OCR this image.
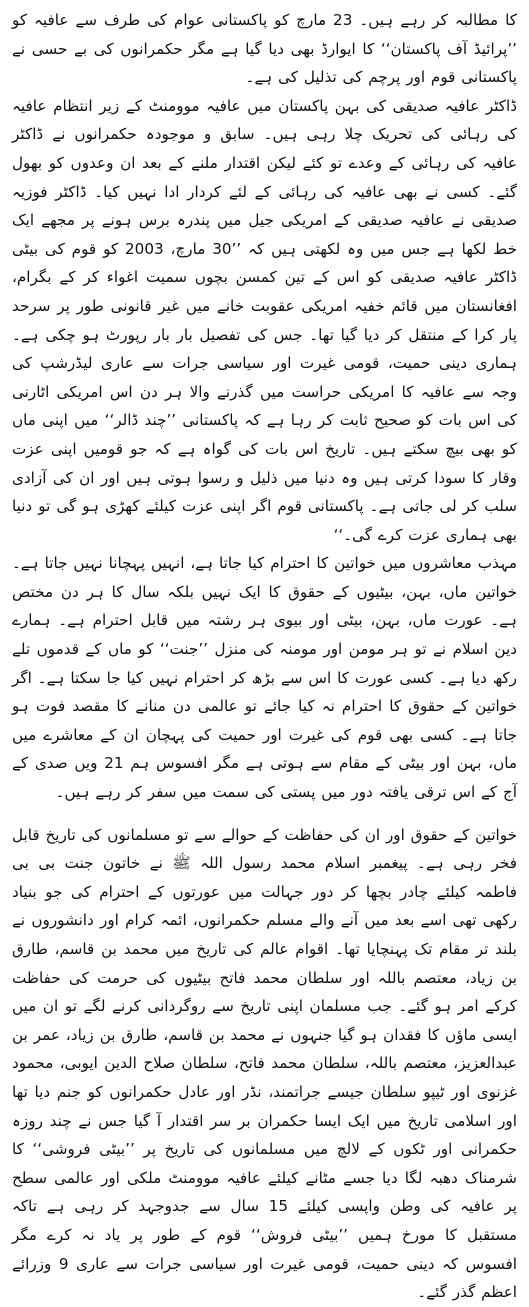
کا مطالبہ کر رہے ہیں۔ 23 مارچ کو پاکستانی عوام کی طرف سے عافیہ کو ’’پرائیڈ آف پاکستان‘‘ کا ایوارڈ بھی دیا گیا ہے مگر حکمرانوں کی بے حسی نے پاکستانی قوم اور پرچم کی تذلیل کی ہے۔

ڈاکٹر عافیہ صدیقی کی بہن پاکستان میں عافیہ موومنٹ کے زیر انتظام عافیہ کی رہائی کی تحریک چلا رہی ہیں۔ سابق و موجودہ حکمرانوں نے ڈاکٹر عافیہ کی رہائی کے وعدے تو کئے لیکن اقتدار ملنے کے بعد ان وعدوں کو بھول گئے۔ کسی نے بھی عافیہ کی رہائی کے لئے کردار ادا نہیں کیا۔ ڈاکٹر فوزیہ صدیقی نے عافیہ صدیقی کے امریکی جیل میں پندرہ برس ہونے پر مجھے ایک خط لکھا ہے جس میں وہ لکھتی ہیں کہ ’’30 مارچ، 2003 کو قوم کی بیٹی ڈاکٹر عافیہ صدیقی کو اس کے تین کمسن بچوں سمیت اغواء کر کے بگرام، افغانستان میں قائم خفیہ امریکی عقوبت خانے میں غیر قانونی طور پر سرحد پار کرا کے منتقل کر دیا گیا تھا۔ جس کی تفصیل بار بار رپورٹ ہو چکی ہے۔ ہماری دینی حمیت، قومی غیرت اور سیاسی جرات سے عاری لیڈرشپ کی وجہ سے عافیہ کا امریکی حراست میں گذرنے والا ہر دن اس امریکی اٹارنی کی اس بات کو صحیح ثابت کر رہا ہے کہ پاکستانی ’’چند ڈالر‘‘ میں اپنی ماں کو بھی بیچ سکتے ہیں۔ تاریخ اس بات کی گواہ ہے کہ جو قومیں اپنی عزت وقار کا سودا کرتی ہیں وہ دنیا میں ذلیل و رسوا ہوتی ہیں اور ان کی آزادی سلب کر لی جاتی ہے۔ پاکستانی قوم اگر اپنی عزت کیلئے کھڑی ہو گی تو دنیا بھی ہماری عزت کرے گی۔‘‘

مہذب معاشروں میں خواتین کا احترام کیا جاتا ہے، انہیں پہچانا نہیں جاتا ہے۔ خواتین ماں، بہن، بیٹیوں کے حقوق کا ایک نہیں بلکہ سال کا ہر دن مختص ہے۔ عورت ماں، بہن، بیٹی اور بیوی ہر رشتہ میں قابل احترام ہے۔ ہمارے دین اسلام نے تو ہر مومن اور مومنہ کی منزل ’’جنت‘‘ کو ماں کے قدموں تلے رکھ دیا ہے۔ کسی عورت کا اس سے بڑھ کر احترام نہیں کیا جا سکتا ہے۔ اگر خواتین کے حقوق کا احترام نہ کیا جائے تو عالمی دن منانے کا مقصد فوت ہو جاتا ہے۔ کسی بھی قوم کی غیرت اور حمیت کی پہچان ان کے معاشرے میں ماں، بہن اور بیٹی کے مقام سے ہوتی ہے مگر افسوس ہم 21 ویں صدی کے آج کے اس ترقی یافتہ دور میں پستی کی سمت میں سفر کر رہے ہیں۔

خواتین کے حقوق اور ان کی حفاظت کے حوالے سے تو مسلمانوں کی تاریخ قابل فخر رہی ہے۔ پیغمبر اسلام محمد رسول اللہ ﷺ نے خاتون جنت بی بی فاطمہ کیلئے چادر بچھا کر دور جہالت میں عورتوں کے احترام کی جو بنیاد رکھی تھی اسے بعد میں آنے والے مسلم حکمرانوں، ائمہ کرام اور دانشوروں نے بلند تر مقام تک پہنچایا تھا۔ اقوام عالم کی تاریخ میں محمد بن قاسم، طارق بن زیاد، معتصم باللہ اور سلطان محمد فاتح بیٹیوں کی حرمت کی حفاظت کرکے امر ہو گئے۔ جب مسلمان اپنی تاریخ سے روگردانی کرنے لگے تو ان میں ایسی ماؤں کا فقدان ہو گیا جنہوں نے محمد بن قاسم، طارق بن زیاد، عمر بن عبدالعزیز، معتصم باللہ، سلطان محمد فاتح، سلطان صلاح الدین ایوبی، محمود غزنوی اور ٹیپو سلطان جیسے جراتمند، نڈر اور عادل حکمرانوں کو جنم دیا تھا اور اسلامی تاریخ میں ایک ایسا حکمران بر سر اقتدار آ گیا جس نے چند روزہ حکمرانی اور ٹکوں کے لالچ میں مسلمانوں کی تاریخ پر ’’بیٹی فروشی‘‘ کا شرمناک دھبہ لگا دیا جسے مٹانے کیلئے عافیہ موومنٹ ملکی اور عالمی سطح پر عافیہ کی وطن واپسی کیلئے 15 سال سے جدوجہد کر رہی ہے تاکہ مستقبل کا مورخ ہمیں ’’بیٹی فروش‘‘ قوم کے طور پر یاد نہ کرے مگر افسوس کہ دینی حمیت، قومی غیرت اور سیاسی جرات سے عاری 9 وزرائے اعظم گذر گئے۔
